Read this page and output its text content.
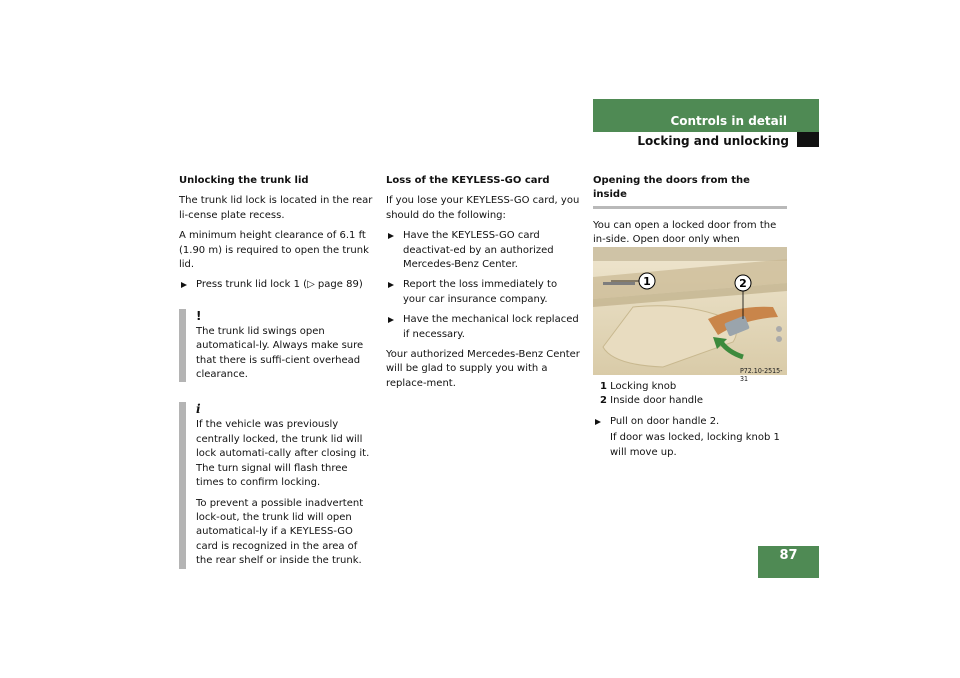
Controls in detail
Locking and unlocking
Unlocking the trunk lid

The trunk lid lock is located in the rear li-cense plate recess.

A minimum height clearance of 6.1 ft (1.90 m) is required to open the trunk lid.

Press trunk lid lock 1 (▷ page 89)
!

The trunk lid swings open automatical-ly. Always make sure that there is suffi-cient overhead clearance.

i

If the vehicle was previously centrally locked, the trunk lid will lock automati-cally after closing it. The turn signal will flash three times to confirm locking.

To prevent a possible inadvertent lock-out, the trunk lid will open automatical-ly if a KEYLESS-GO card is recognized in the area of the rear shelf or inside the trunk.

Loss of the KEYLESS-GO card

If you lose your KEYLESS-GO card, you should do the following:

Have the KEYLESS-GO card deactivat-ed by an authorized Mercedes-Benz Center.
Report the loss immediately to your car insurance company.
Have the mechanical lock replaced if necessary.

Your authorized Mercedes-Benz Center will be glad to supply you with a replace-ment.

Opening the doors from the inside

You can open a locked door from the in-side. Open door only when

1	2
P72.10-2515-31
1 Locking knob
2 Inside door handle
Pull on door handle 2.
If door was locked, locking knob 1 will move up.
87
